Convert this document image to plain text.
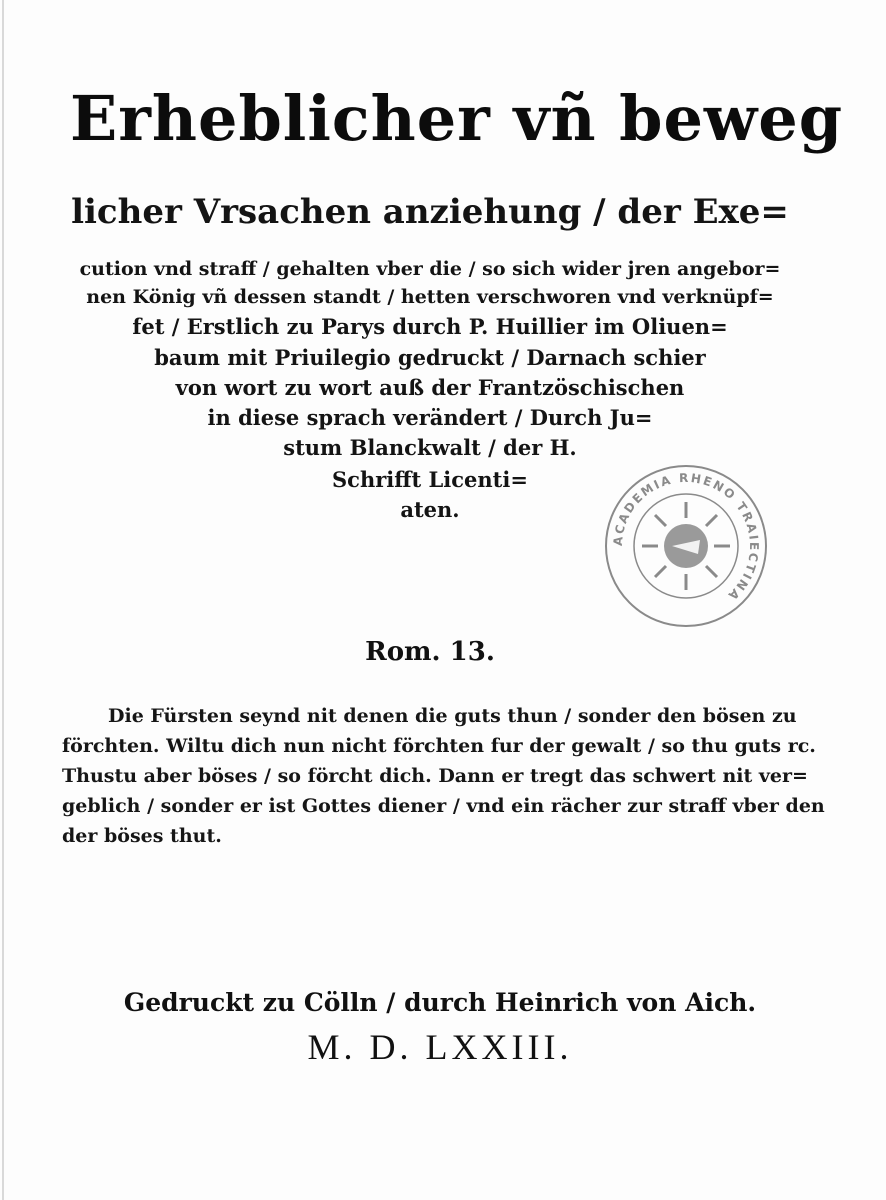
Erheblicher vñ beweg
licher Vrsachen anziehung / der Exe=
cution vnd straff / gehalten vber die / so sich wider jren angebor=
nen König vñ dessen standt / hetten verschworen vnd verknüpf=
fet / Erstlich zu Parys durch P. Huillier im Oliuen=
baum mit Priuilegio gedruckt / Darnach schier
von wort zu wort auß der Frantzöschischen
in diese sprach verändert / Durch Ju=
stum Blanckwalt / der H.
Schrifft Licenti=
aten.
ACADEMIA RHENO TRAIECTINA
Rom. 13.
Die Fürsten seynd nit denen die guts thun / sonder den bösen zu
förchten. Wiltu dich nun nicht förchten fur der gewalt / so thu guts rc.
Thustu aber böses / so förcht dich. Dann er tregt das schwert nit ver=
geblich / sonder er ist Gottes diener / vnd ein rächer zur straff vber den
der böses thut.
Gedruckt zu Cölln / durch Heinrich von Aich.
M. D. LXXIII.
